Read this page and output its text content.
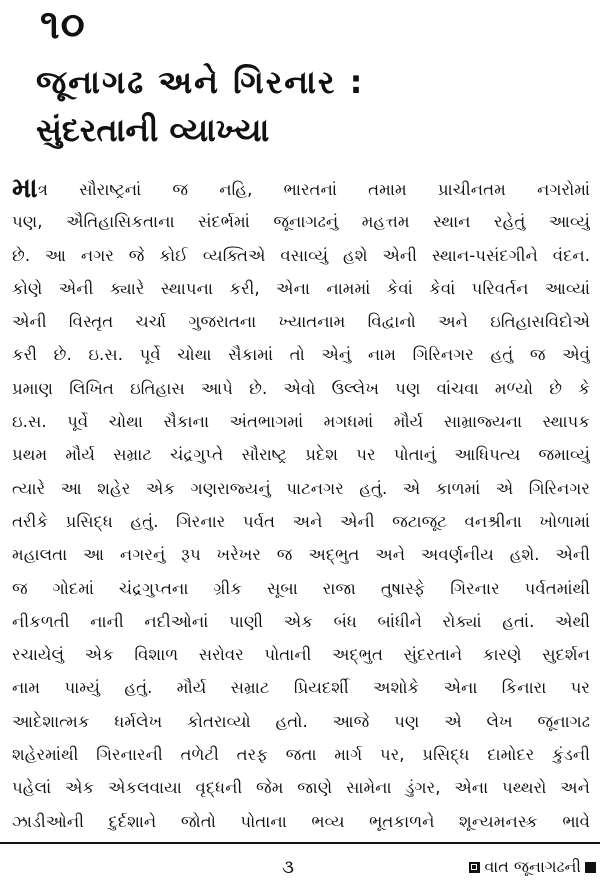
૧૦
જૂનાગઢ અને ગિરનાર :
સુંદરતાની વ્યાખ્યા
માત્ર સૌરાષ્ટ્રનાં જ નહિ, ભારતનાં તમામ પ્રાચીનતમ નગરોમાં
પણ, ઐતિહાસિકતાના સંદર્ભમાં જૂનાગઢનું મહત્તમ સ્થાન રહેતું આવ્યું
છે. આ નગર જે કોઈ વ્યક્તિએ વસાવ્યું હશે એની સ્થાન-પસંદગીને વંદન.
કોણે એની ક્યારે સ્થાપના કરી, એના નામમાં કેવાં કેવાં પરિવર્તન આવ્યાં
એની વિસ્તૃત ચર્ચા ગુજરાતના ખ્યાતનામ વિદ્વાનો અને ઇતિહાસવિદોએ
કરી છે. ઇ.સ. પૂર્વે ચોથા સૈકામાં તો એનું નામ ગિરિનગર હતું જ એવું
પ્રમાણ લિખિત ઇતિહાસ આપે છે. એવો ઉલ્લેખ પણ વાંચવા મળ્યો છે કે
ઇ.સ. પૂર્વે ચોથા સૈકાના અંતભાગમાં મગધમાં મૌર્ય સામ્રાજ્યના સ્થાપક
પ્રથમ મૌર્ય સમ્રાટ ચંદ્રગુપ્તે સૌરાષ્ટ્ર પ્રદેશ પર પોતાનું આધિપત્ય જમાવ્યું
ત્યારે આ શહેર એક ગણરાજ્યનું પાટનગર હતું. એ કાળમાં એ ગિરિનગર
તરીકે પ્રસિદ્ધ હતું. ગિરનાર પર્વત અને એની જટાજૂટ વનશ્રીના ખોળામાં
મહાલતા આ નગરનું રૂપ ખરેખર જ અદ્ભુત અને અવર્ણનીય હશે. એની
જ ગોદમાં ચંદ્રગુપ્તના ગ્રીક સૂબા રાજા તુષાસ્ફે ગિરનાર પર્વતમાંથી
નીકળતી નાની નદીઓનાં પાણી એક બંધ બાંધીને રોક્યાં હતાં. એથી
રચાયેલું એક વિશાળ સરોવર પોતાની અદ્ભુત સુંદરતાને કારણે સુદર્શન
નામ પામ્યું હતું. મૌર્ય સમ્રાટ પ્રિયદર્શી અશોકે એના કિનારા પર
આદેશાત્મક ધર્મલેખ કોતરાવ્યો હતો. આજે પણ એ લેખ જૂનાગઢ
શહેરમાંથી ગિરનારની તળેટી તરફ જતા માર્ગ પર, પ્રસિદ્ધ દામોદર કુંડની
પહેલાં એક એકલવાયા વૃદ્ધની જેમ જાણે સામેના ડુંગર, એના પથ્થરો અને
ઝાડીઓની દુર્દશાને જોતો પોતાના ભવ્ય ભૂતકાળને શૂન્યમનસ્ક ભાવે
૩	વાત જૂનાગઢની
